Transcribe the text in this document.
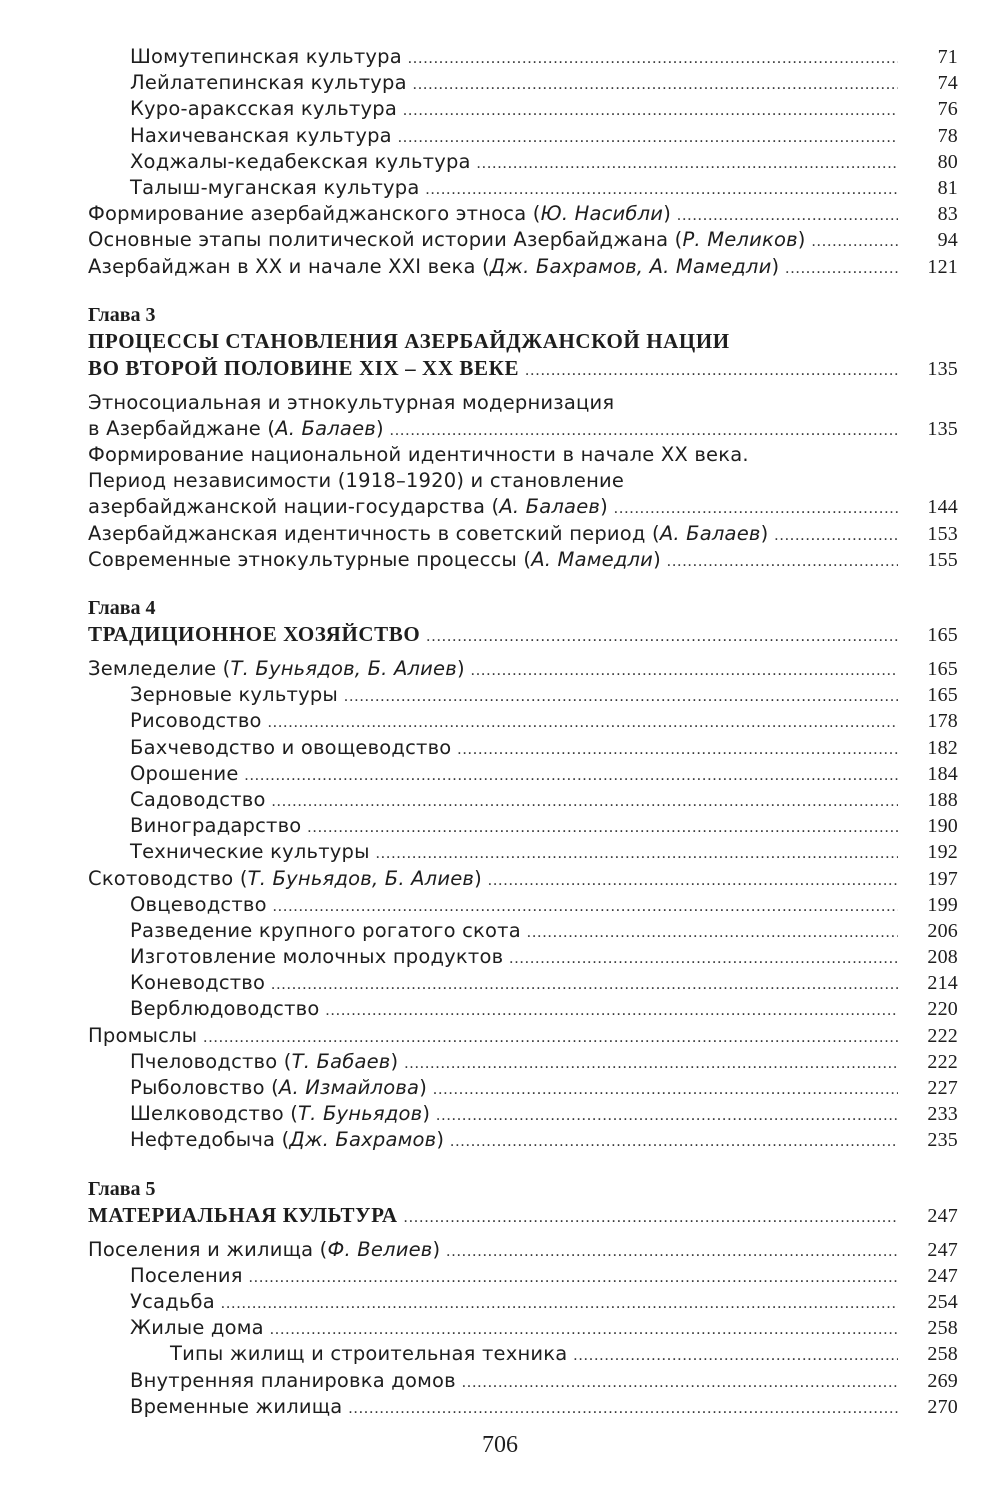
Шомутепинская культура .....	71
Лейлатепинская культура .....	74
Куро-араксская культура .....	76
Нахичеванская культура .....	78
Ходжалы-кедабекская культура .....	80
Талыш-муганская культура .....	81
Формирование азербайджанского этноса (Ю. Насибли) .....	83
Основные этапы политической истории Азербайджана (Р. Меликов) .....	94
Азербайджан в XX и начале XXI века (Дж. Бахрамов, А. Мамедли) .....	121
Глава 3
ПРОЦЕССЫ СТАНОВЛЕНИЯ АЗЕРБАЙДЖАНСКОЙ НАЦИИ
ВО ВТОРОЙ ПОЛОВИНЕ XIX – XX ВЕКЕ .....	135
Этносоциальная и этнокультурная модернизация
в Азербайджане (А. Балаев) .....	135
Формирование национальной идентичности в начале XX века.
Период независимости (1918–1920) и становление
азербайджанской нации-государства (А. Балаев) .....	144
Азербайджанская идентичность в советский период (А. Балаев) .....	153
Современные этнокультурные процессы (А. Мамедли) .....	155
Глава 4
ТРАДИЦИОННОЕ ХОЗЯЙСТВО .....	165
Земледелие (Т. Буньядов, Б. Алиев) .....	165
Зерновые культуры .....	165
Рисоводство .....	178
Бахчеводство и овощеводство .....	182
Орошение .....	184
Садоводство .....	188
Виноградарство .....	190
Технические культуры .....	192
Скотоводство (Т. Буньядов, Б. Алиев) .....	197
Овцеводство .....	199
Разведение крупного рогатого скота .....	206
Изготовление молочных продуктов .....	208
Коневодство .....	214
Верблюдоводство .....	220
Промыслы .....	222
Пчеловодство (Т. Бабаев) .....	222
Рыболовство (А. Измайлова) .....	227
Шелководство (Т. Буньядов) .....	233
Нефтедобыча (Дж. Бахрамов) .....	235
Глава 5
МАТЕРИАЛЬНАЯ КУЛЬТУРА .....	247
Поселения и жилища (Ф. Велиев) .....	247
Поселения .....	247
Усадьба .....	254
Жилые дома .....	258
Типы жилищ и строительная техника .....	258
Внутренняя планировка домов .....	269
Временные жилища .....	270
706
